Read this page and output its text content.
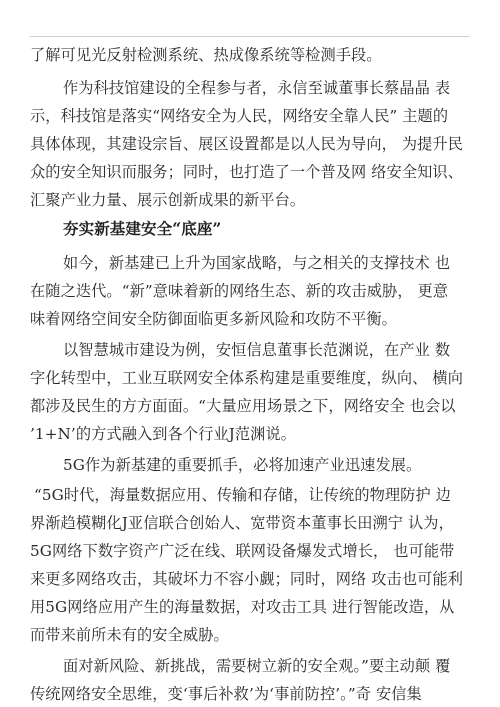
了解可见光反射检测系统、热成像系统等检测手段。
作为科技馆建设的全程参与者，永信至诚董事长蔡晶晶 表
示，科技馆是落实“网络安全为人民，网络安全靠人民” 主题的
具体体现，其建设宗旨、展区设置都是以人民为导向， 为提升民
众的安全知识而服务；同时，也打造了一个普及网 络安全知识、
汇聚产业力量、展示创新成果的新平台。
夯实新基建安全“底座”
如今，新基建已上升为国家战略，与之相关的支撑技术 也
在随之迭代。“新”意味着新的网络生态、新的攻击威胁， 更意
味着网络空间安全防御面临更多新风险和攻防不平衡。
以智慧城市建设为例，安恒信息董事长范渊说，在产业 数
字化转型中，工业互联网安全体系构建是重要维度，纵向、 横向
都涉及民生的方方面面。“大量应用场景之下，网络安全 也会以
’1+N’的方式融入到各个行业J范渊说。
5G作为新基建的重要抓手，必将加速产业迅速发展。
“5G时代，海量数据应用、传输和存储，让传统的物理防护 边
界渐趋模糊化J亚信联合创始人、宽带资本董事长田溯宁 认为，
5G网络下数字资产广泛在线、联网设备爆发式增长， 也可能带
来更多网络攻击，其破坏力不容小觑；同时，网络 攻击也可能利
用5G网络应用产生的海量数据，对攻击工具 进行智能改造，从
而带来前所未有的安全威胁。
面对新风险、新挑战，需要树立新的安全观。”要主动颠 覆
传统网络安全思维，变‘事后补救’为‘事前防控’。”奇 安信集
